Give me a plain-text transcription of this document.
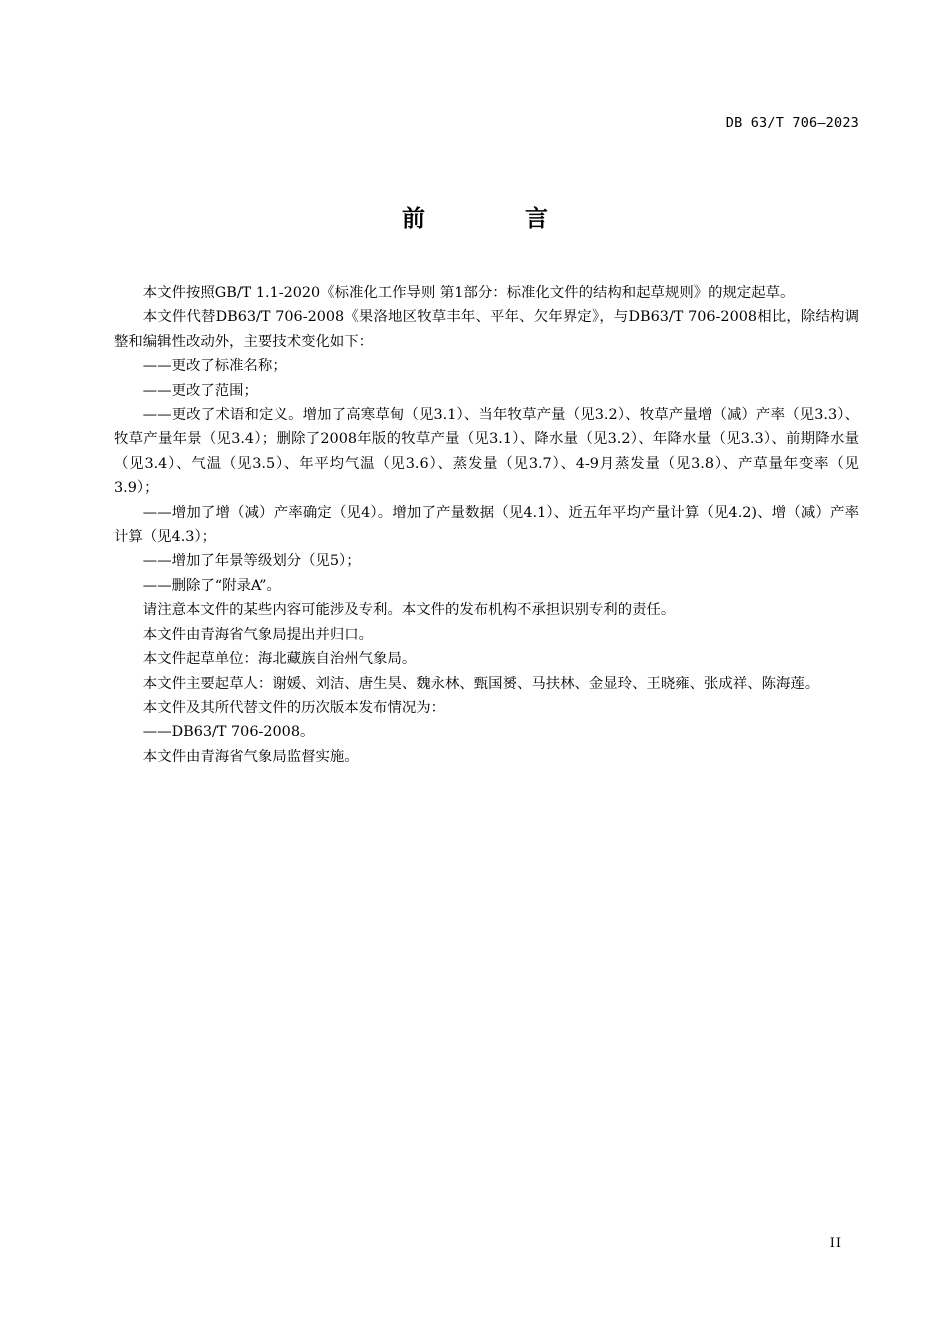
DB 63/T 706—2023
前 言

本文件按照GB/T 1.1-2020《标准化工作导则 第1部分：标准化文件的结构和起草规则》的规定起草。

本文件代替DB63/T 706-2008《果洛地区牧草丰年、平年、欠年界定》，与DB63/T 706-2008相比，除结构调整和编辑性改动外，主要技术变化如下：

——更改了标准名称；

——更改了范围；

——更改了术语和定义。增加了高寒草甸（见3.1）、当年牧草产量（见3.2）、牧草产量增（减）产率（见3.3）、牧草产量年景（见3.4）；删除了2008年版的牧草产量（见3.1）、降水量（见3.2）、年降水量（见3.3）、前期降水量（见3.4）、气温（见3.5）、年平均气温（见3.6）、蒸发量（见3.7）、4-9月蒸发量（见3.8）、产草量年变率（见3.9）；

——增加了增（减）产率确定（见4）。增加了产量数据（见4.1）、近五年平均产量计算（见4.2)、增（减）产率计算（见4.3）；

——增加了年景等级划分（见5）；

——删除了“附录A”。

请注意本文件的某些内容可能涉及专利。本文件的发布机构不承担识别专利的责任。

本文件由青海省气象局提出并归口。

本文件起草单位：海北藏族自治州气象局。

本文件主要起草人：谢媛、刘洁、唐生昊、魏永林、甄国赟、马扶林、金显玲、王晓雍、张成祥、陈海莲。

本文件及其所代替文件的历次版本发布情况为：

——DB63/T 706-2008。

本文件由青海省气象局监督实施。

II
